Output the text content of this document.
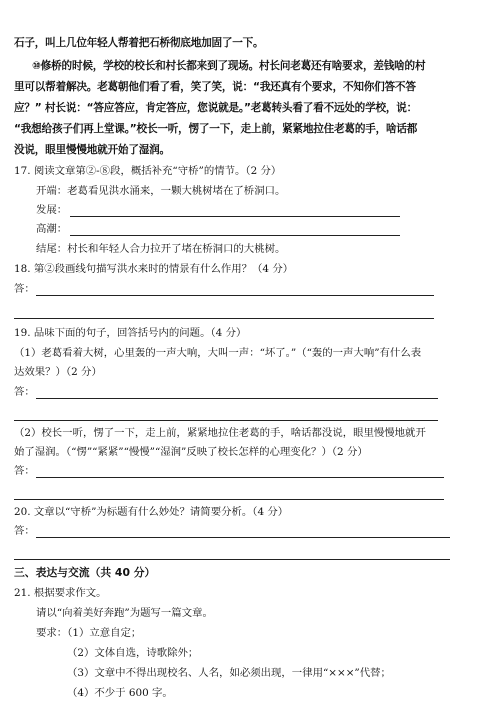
石子，叫上几位年轻人帮着把石桥彻底地加固了一下。

⑩修桥的时候，学校的校长和村长都来到了现场。村长问老葛还有啥要求，差钱啥的村

里可以帮着解决。老葛朝他们看了看，笑了笑，说：“我还真有个要求，不知你们答不答

应？” 村长说：“答应答应，肯定答应，您说就是。”老葛转头看了看不远处的学校，说：

“我想给孩子们再上堂课。”校长一听，愣了一下，走上前，紧紧地拉住老葛的手，啥话都

没说，眼里慢慢地就开始了湿润。

17. 阅读文章第②-⑧段，概括补充“守桥”的情节。（2 分）

开端：老葛看见洪水涌来，一颗大桃树堵在了桥洞口。

发展：

高潮：

结尾：村长和年轻人合力拉开了堵在桥洞口的大桃树。

18. 第②段画线句描写洪水来时的情景有什么作用？（4 分）

答：

19. 品味下面的句子，回答括号内的问题。（4 分）

（1）老葛看着大树，心里轰的一声大响，大叫一声：“坏了。”（“轰的一声大响”有什么表

达效果？）（2 分）

答：

（2）校长一听，愣了一下，走上前，紧紧地拉住老葛的手，啥话都没说，眼里慢慢地就开

始了湿润。（“愣”“紧紧”“慢慢”“湿润”反映了校长怎样的心理变化？）（2 分）

答：

20. 文章以“守桥”为标题有什么妙处？请简要分析。（4 分）

答：

三、表达与交流（共 40 分）

21. 根据要求作文。

请以“向着美好奔跑”为题写一篇文章。

要求：（1）立意自定；

（2）文体自选，诗歌除外；

（3）文章中不得出现校名、人名，如必须出现，一律用“×××”代替；

（4）不少于 600 字。
